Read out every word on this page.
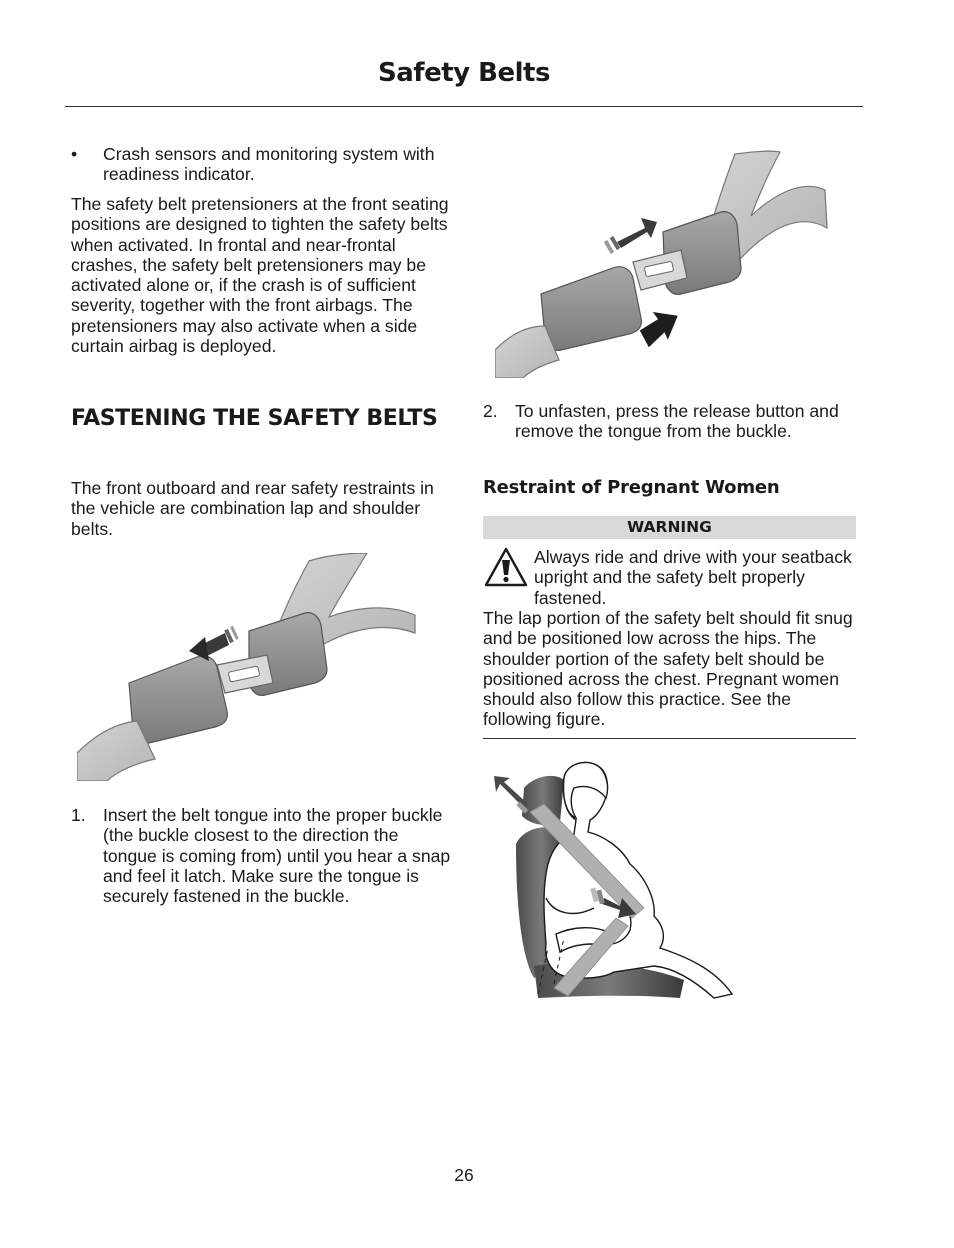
Safety Belts
• Crash sensors and monitoring system with readiness indicator.
The safety belt pretensioners at the front seating positions are designed to tighten the safety belts when activated. In frontal and near-frontal crashes, the safety belt pretensioners may be activated alone or, if the crash is of sufficient severity, together with the front airbags. The pretensioners may also activate when a side curtain airbag is deployed.
FASTENING THE SAFETY BELTS
The front outboard and rear safety restraints in the vehicle are combination lap and shoulder belts.
1. Insert the belt tongue into the proper buckle (the buckle closest to the direction the tongue is coming from) until you hear a snap and feel it latch. Make sure the tongue is securely fastened in the buckle.
2. To unfasten, press the release button and remove the tongue from the buckle.
Restraint of Pregnant Women
WARNING
Always ride and drive with your seatback upright and the safety belt properly fastened.
The lap portion of the safety belt should fit snug and be positioned low across the hips. The shoulder portion of the safety belt should be positioned across the chest. Pregnant women should also follow this practice. See the following figure.
26
